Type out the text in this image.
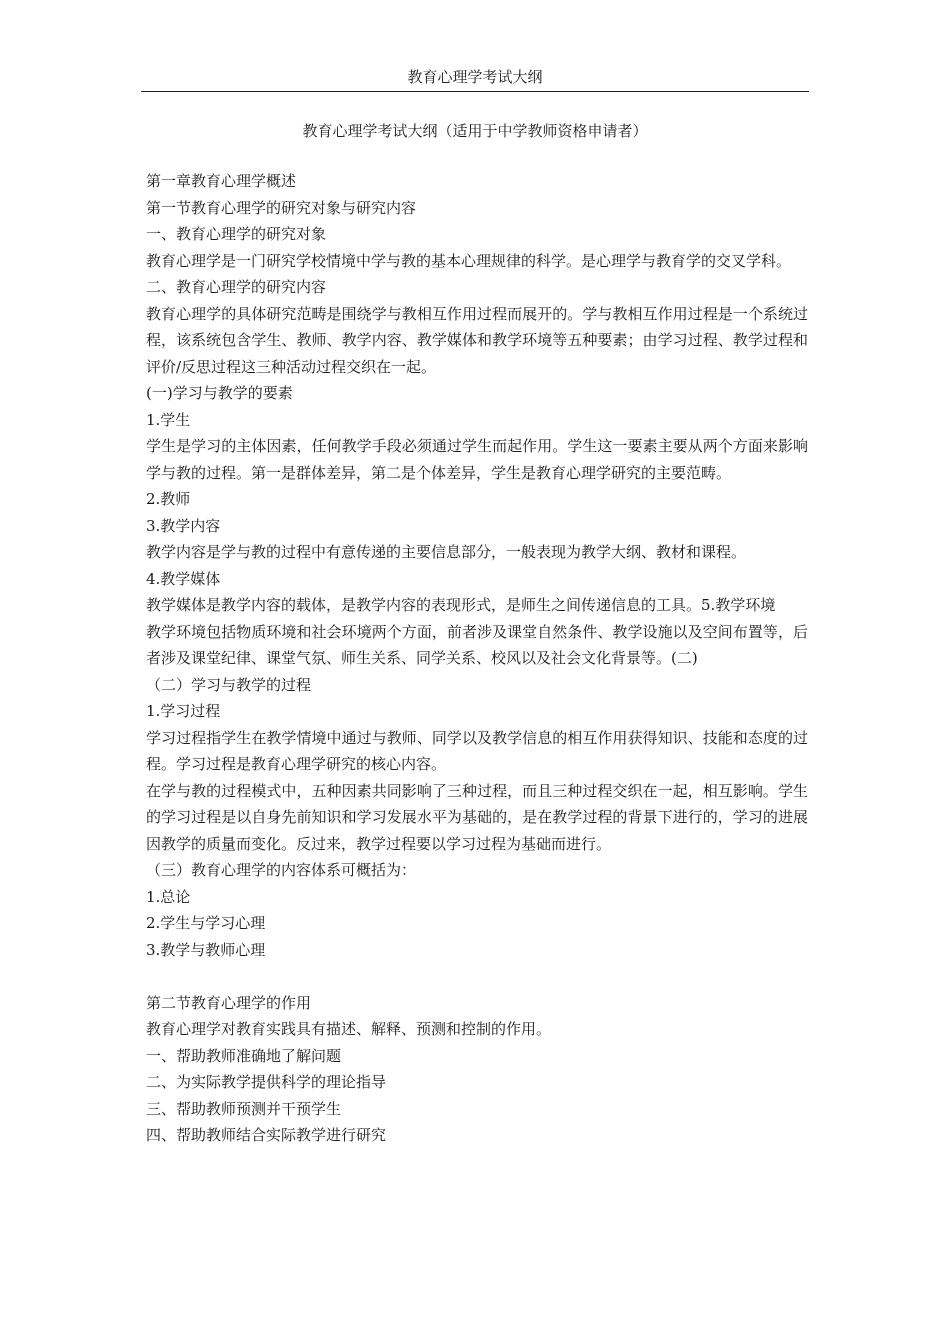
教育心理学考试大纲
教育心理学考试大纲（适用于中学教师资格申请者）

第一章教育心理学概述

第一节教育心理学的研究对象与研究内容

一、教育心理学的研究对象

教育心理学是一门研究学校情境中学与教的基本心理规律的科学。是心理学与教育学的交叉学科。

二、教育心理学的研究内容

教育心理学的具体研究范畴是围绕学与教相互作用过程而展开的。学与教相互作用过程是一个系统过程，该系统包含学生、教师、教学内容、教学媒体和教学环境等五种要素；由学习过程、教学过程和评价/反思过程这三种活动过程交织在一起。

(一)学习与教学的要素

1.学生

学生是学习的主体因素，任何教学手段必须通过学生而起作用。学生这一要素主要从两个方面来影响学与教的过程。第一是群体差异，第二是个体差异，学生是教育心理学研究的主要范畴。

2.教师

3.教学内容

教学内容是学与教的过程中有意传递的主要信息部分，一般表现为教学大纲、教材和课程。

4.教学媒体

教学媒体是教学内容的载体，是教学内容的表现形式，是师生之间传递信息的工具。5.教学环境

教学环境包括物质环境和社会环境两个方面，前者涉及课堂自然条件、教学设施以及空间布置等，后者涉及课堂纪律、课堂气氛、师生关系、同学关系、校风以及社会文化背景等。(二)

（二）学习与教学的过程

1.学习过程

学习过程指学生在教学情境中通过与教师、同学以及教学信息的相互作用获得知识、技能和态度的过程。学习过程是教育心理学研究的核心内容。

在学与教的过程模式中，五种因素共同影响了三种过程，而且三种过程交织在一起，相互影响。学生的学习过程是以自身先前知识和学习发展水平为基础的，是在教学过程的背景下进行的，学习的进展因教学的质量而变化。反过来，教学过程要以学习过程为基础而进行。

（三）教育心理学的内容体系可概括为：

1.总论

2.学生与学习心理

3.教学与教师心理

第二节教育心理学的作用

教育心理学对教育实践具有描述、解释、预测和控制的作用。

一、帮助教师准确地了解问题

二、为实际教学提供科学的理论指导

三、帮助教师预测并干预学生

四、帮助教师结合实际教学进行研究
